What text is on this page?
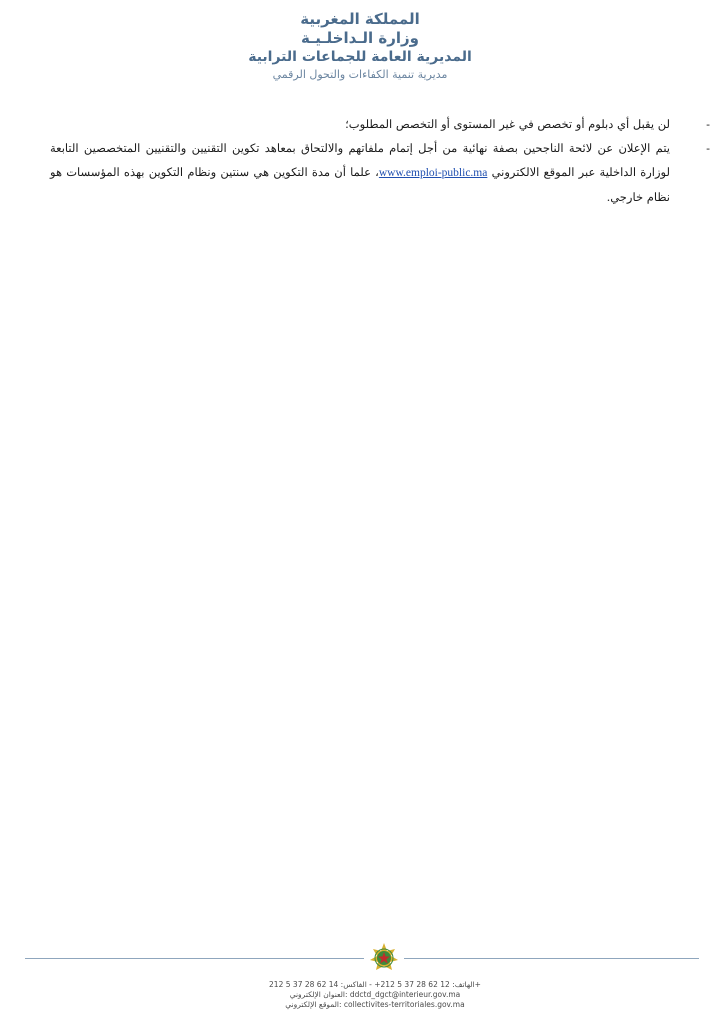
المملكة المغربية
وزارة الـداخلـيـة
المديرية العامة للجماعات الترابية
مديرية تنمية الكفاءات والتحول الرقمي
-
لن يقبل أي دبلوم أو تخصص في غير المستوى أو التخصص المطلوب؛
-
يتم الإعلان عن لائحة الناجحين بصفة نهائية من أجل إتمام ملفاتهم والالتحاق بمعاهد تكوين التقنيين والتقنيين المتخصصين التابعة لوزارة الداخلية عبر الموقع الالكتروني www.emploi-public.ma، علما أن مدة التكوين هي سنتين ونظام التكوين بهذه المؤسسات هو نظام خارجي.
الهاتف: 12 62 28 37 5 212+ - الفاكس: 14 62 28 37 5 212+
العنوان الإلكتروني: ddctd_dgct@interieur.gov.ma
الموقع الإلكتروني: collectivites-territoriales.gov.ma
